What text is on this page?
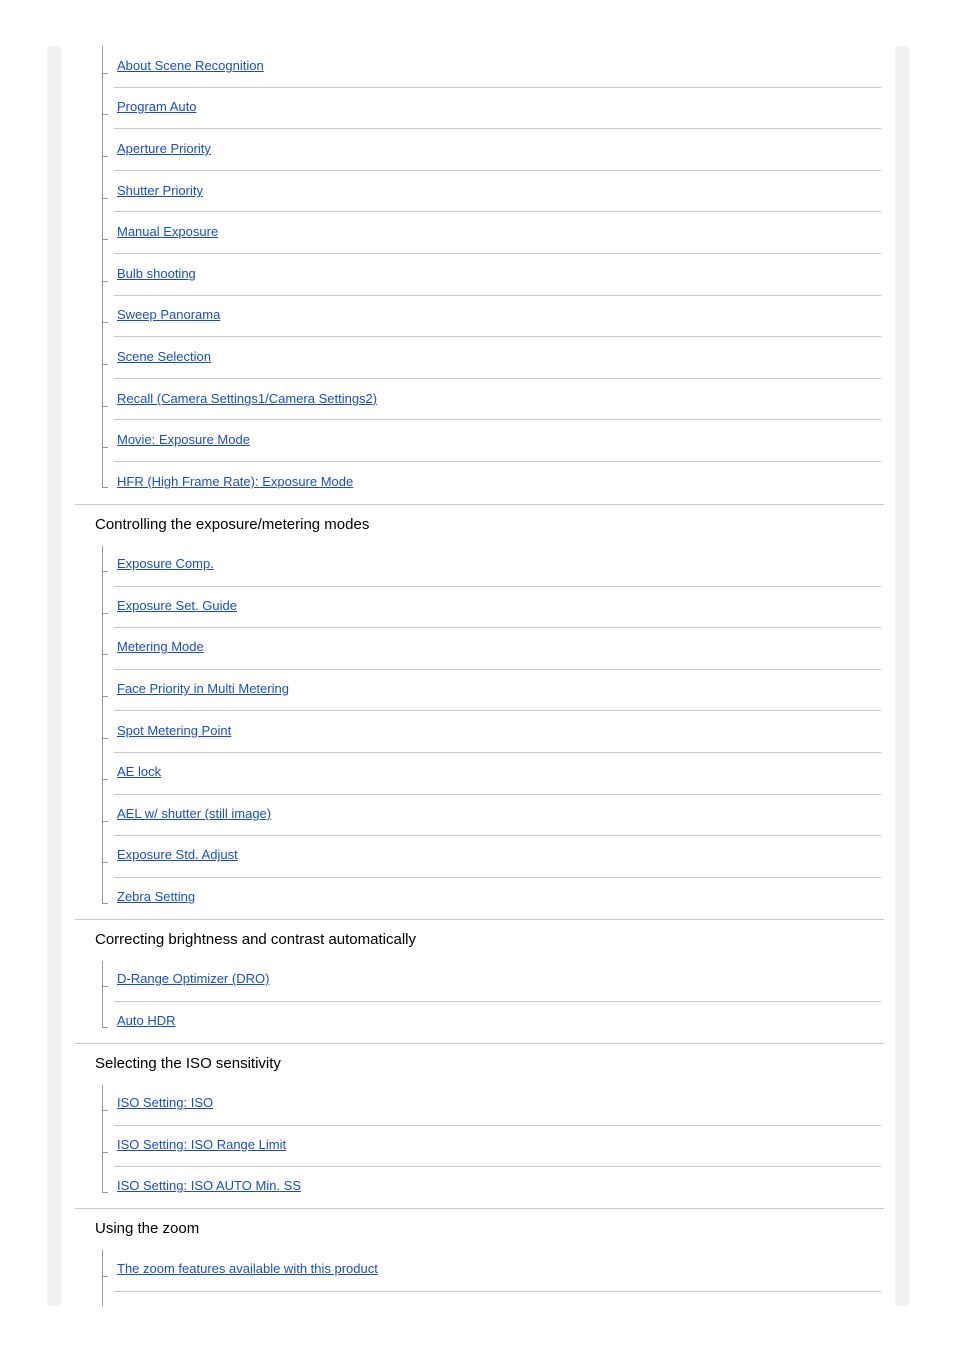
About Scene Recognition
Program Auto
Aperture Priority
Shutter Priority
Manual Exposure
Bulb shooting
Sweep Panorama
Scene Selection
Recall (Camera Settings1/Camera Settings2)
Movie: Exposure Mode
HFR (High Frame Rate): Exposure Mode
Controlling the exposure/metering modes
Exposure Comp.
Exposure Set. Guide
Metering Mode
Face Priority in Multi Metering
Spot Metering Point
AE lock
AEL w/ shutter (still image)
Exposure Std. Adjust
Zebra Setting
Correcting brightness and contrast automatically
D-Range Optimizer (DRO)
Auto HDR
Selecting the ISO sensitivity
ISO Setting: ISO
ISO Setting: ISO Range Limit
ISO Setting: ISO AUTO Min. SS
Using the zoom
The zoom features available with this product
